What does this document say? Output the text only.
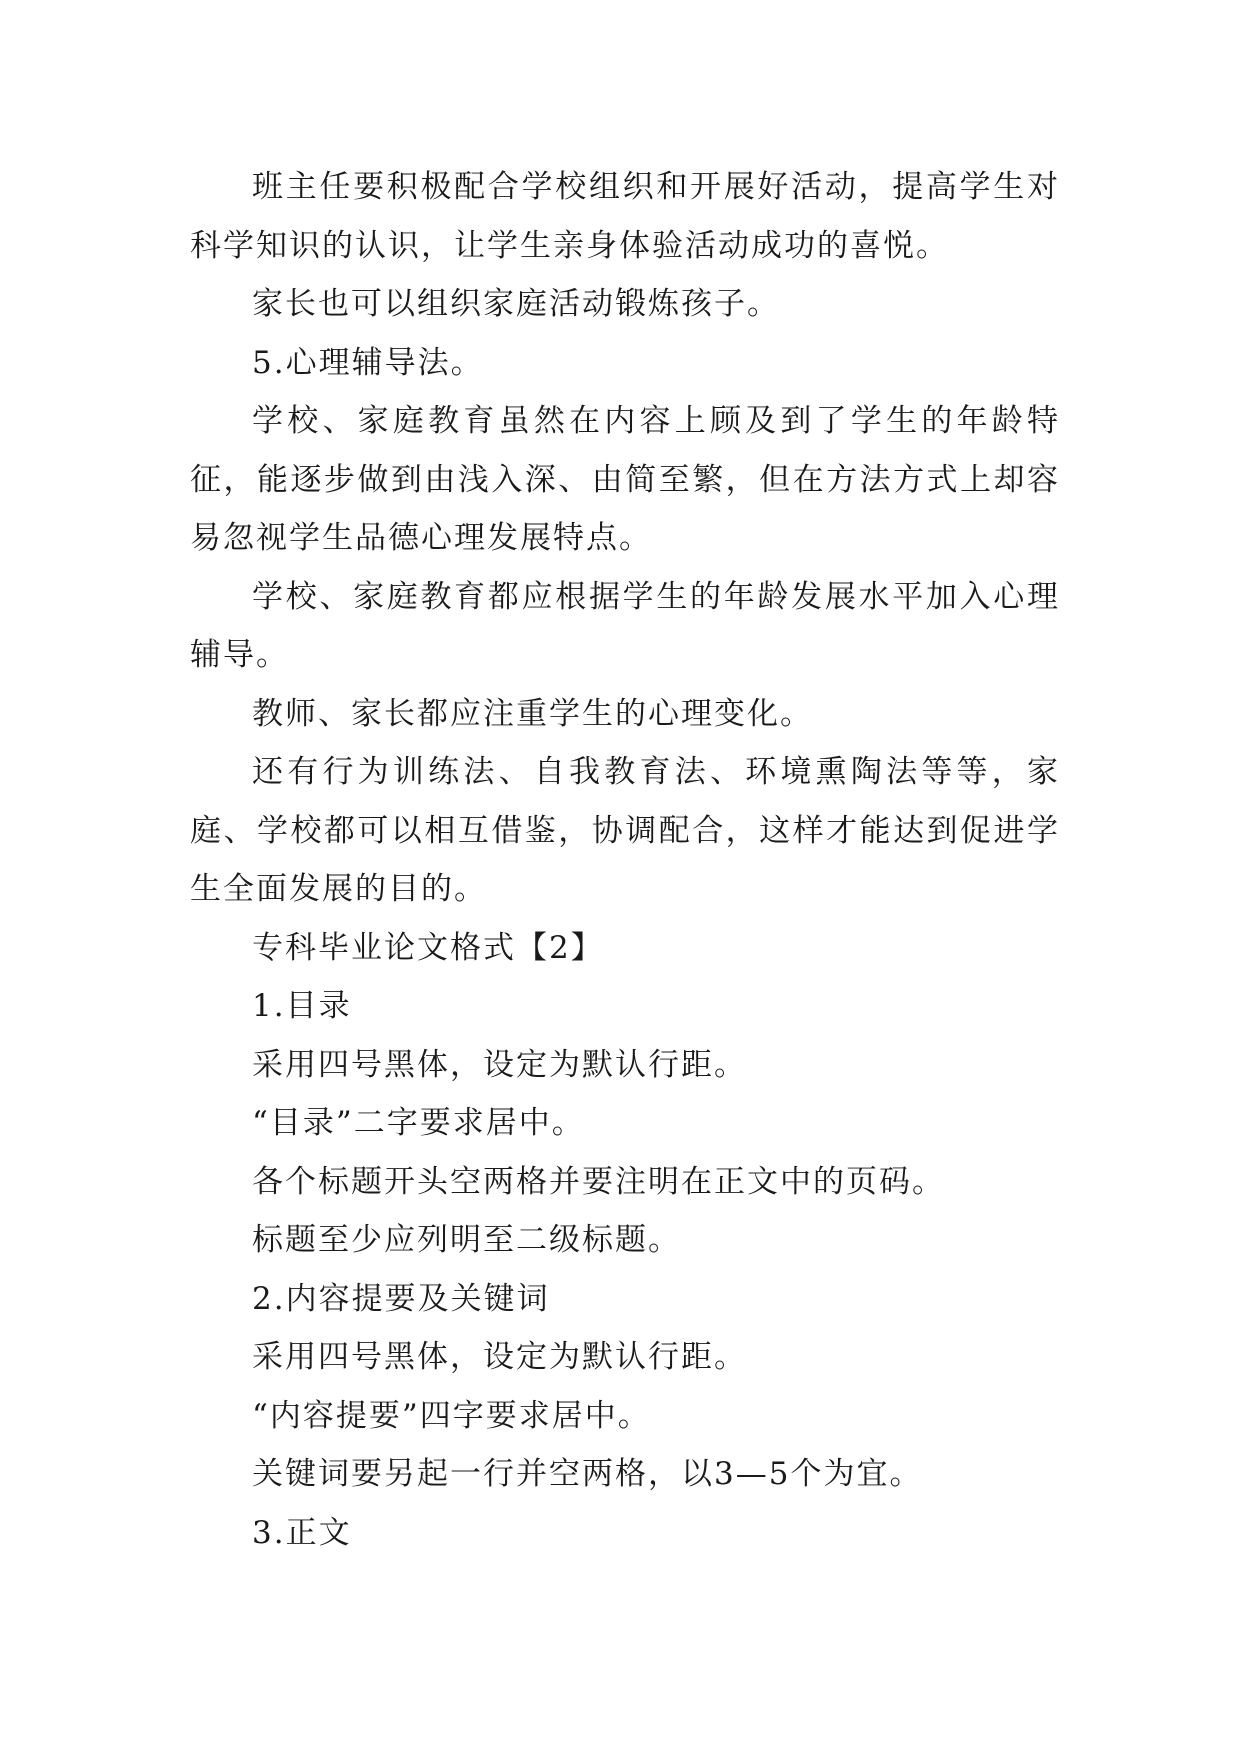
班主任要积极配合学校组织和开展好活动，提高学生对科学知识的认识，让学生亲身体验活动成功的喜悦。

家长也可以组织家庭活动锻炼孩子。

5.心理辅导法。

学校、家庭教育虽然在内容上顾及到了学生的年龄特征，能逐步做到由浅入深、由简至繁，但在方法方式上却容易忽视学生品德心理发展特点。

学校、家庭教育都应根据学生的年龄发展水平加入心理辅导。

教师、家长都应注重学生的心理变化。

还有行为训练法、自我教育法、环境熏陶法等等，家庭、学校都可以相互借鉴，协调配合，这样才能达到促进学生全面发展的目的。

专科毕业论文格式【2】

1.目录

采用四号黑体，设定为默认行距。

“目录”二字要求居中。

各个标题开头空两格并要注明在正文中的页码。

标题至少应列明至二级标题。

2.内容提要及关键词

采用四号黑体，设定为默认行距。

“内容提要”四字要求居中。

关键词要另起一行并空两格，以3—5个为宜。

3.正文
